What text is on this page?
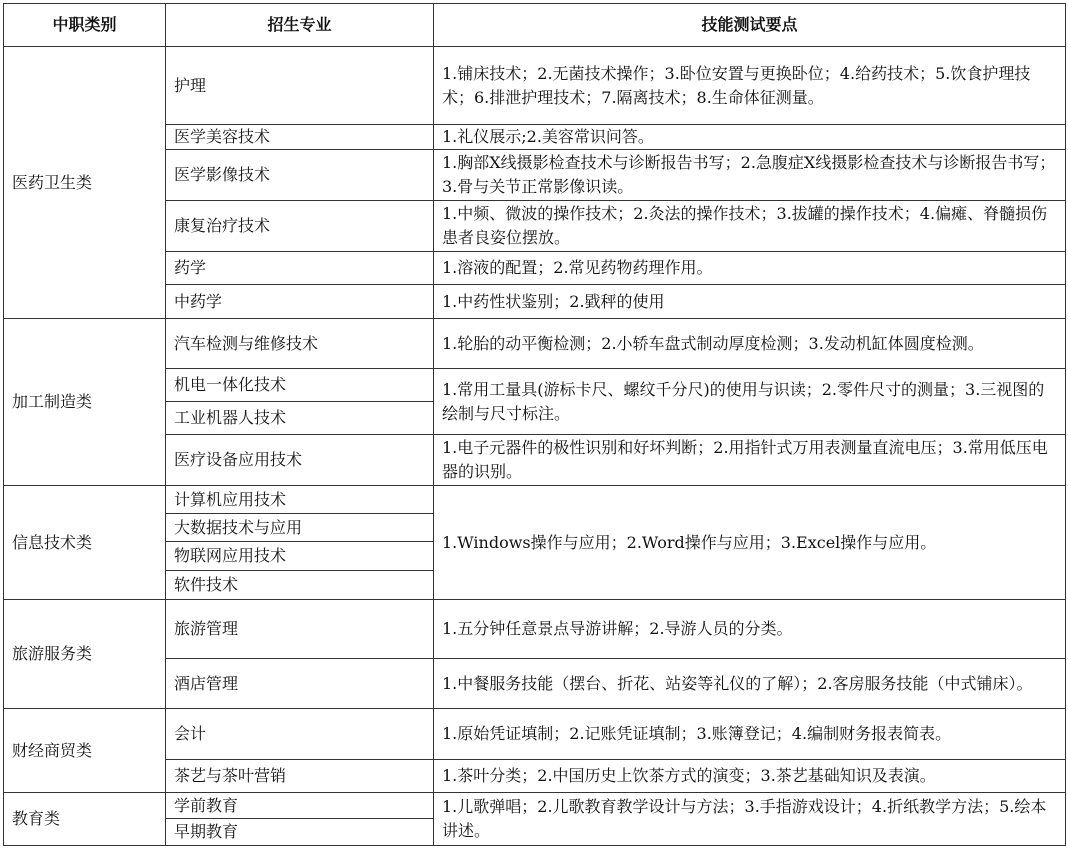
中职类别	招生专业	技能测试要点
医药卫生类	护理	1.铺床技术；2.无菌技术操作；3.卧位安置与更换卧位；4.给药技术；5.饮食护理技术；6.排泄护理技术；7.隔离技术；8.生命体征测量。
	医学美容技术	1.礼仪展示;2.美容常识问答。
	医学影像技术	1.胸部X线摄影检查技术与诊断报告书写；2.急腹症X线摄影检查技术与诊断报告书写；3.骨与关节正常影像识读。
	康复治疗技术	1.中频、微波的操作技术；2.灸法的操作技术；3.拔罐的操作技术；4.偏瘫、脊髓损伤患者良姿位摆放。
	药学	1.溶液的配置；2.常见药物药理作用。
	中药学	1.中药性状鉴别；2.戥秤的使用
加工制造类	汽车检测与维修技术	1.轮胎的动平衡检测；2.小轿车盘式制动厚度检测；3.发动机缸体圆度检测。
	机电一体化技术	1.常用工量具(游标卡尺、螺纹千分尺)的使用与识读；2.零件尺寸的测量；3.三视图的绘制与尺寸标注。
	工业机器人技术	
	医疗设备应用技术	1.电子元器件的极性识别和好坏判断；2.用指针式万用表测量直流电压；3.常用低压电器的识别。
信息技术类	计算机应用技术	1.Windows操作与应用；2.Word操作与应用；3.Excel操作与应用。
	大数据技术与应用	
	物联网应用技术	
	软件技术	
旅游服务类	旅游管理	1.五分钟任意景点导游讲解；2.导游人员的分类。
	酒店管理	1.中餐服务技能（摆台、折花、站姿等礼仪的了解）；2.客房服务技能（中式铺床）。
财经商贸类	会计	1.原始凭证填制；2.记账凭证填制；3.账簿登记；4.编制财务报表简表。
	茶艺与茶叶营销	1.茶叶分类；2.中国历史上饮茶方式的演变；3.茶艺基础知识及表演。
教育类	学前教育	1.儿歌弹唱；2.儿歌教育教学设计与方法；3.手指游戏设计；4.折纸教学方法；5.绘本讲述。
	早期教育	
